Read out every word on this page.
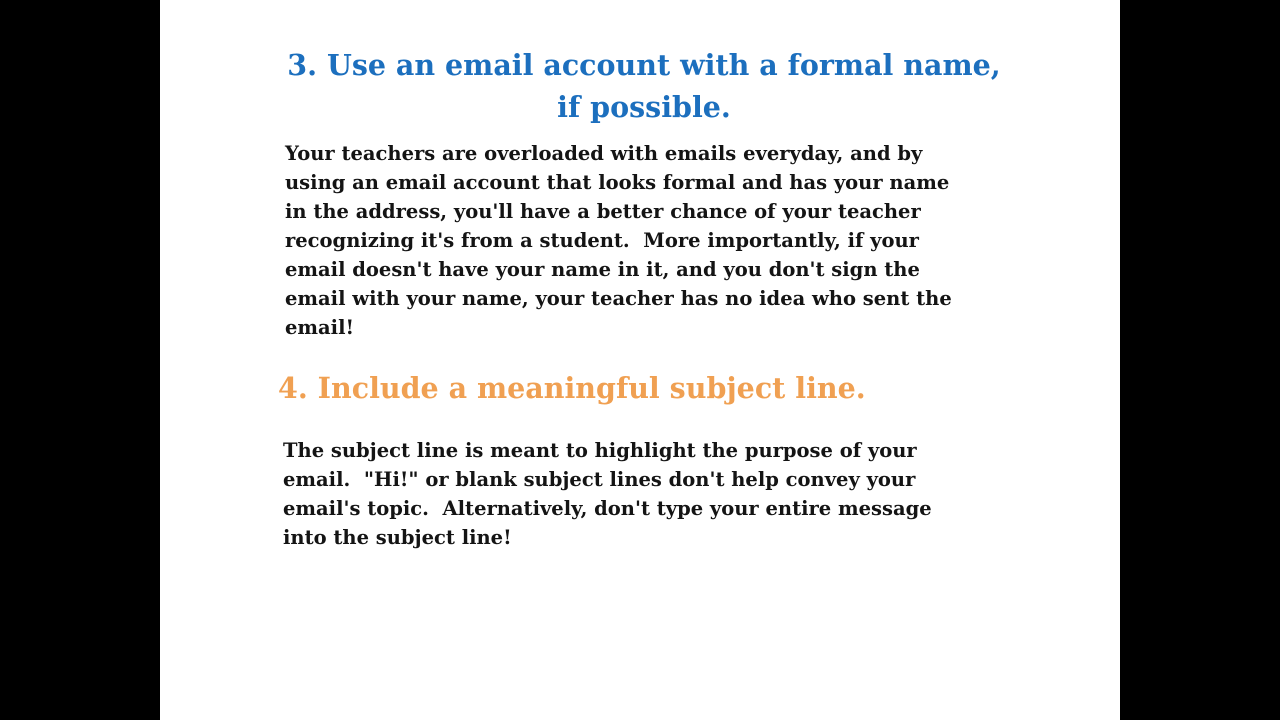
3. Use an email account with a formal name,
if possible.
Your teachers are overloaded with emails everyday, and by
using an email account that looks formal and has your name
in the address, you'll have a better chance of your teacher
recognizing it's from a student.  More importantly, if your
email doesn't have your name in it, and you don't sign the
email with your name, your teacher has no idea who sent the
email!
4. Include a meaningful subject line.
The subject line is meant to highlight the purpose of your
email.  "Hi!" or blank subject lines don't help convey your
email's topic.  Alternatively, don't type your entire message
into the subject line!
